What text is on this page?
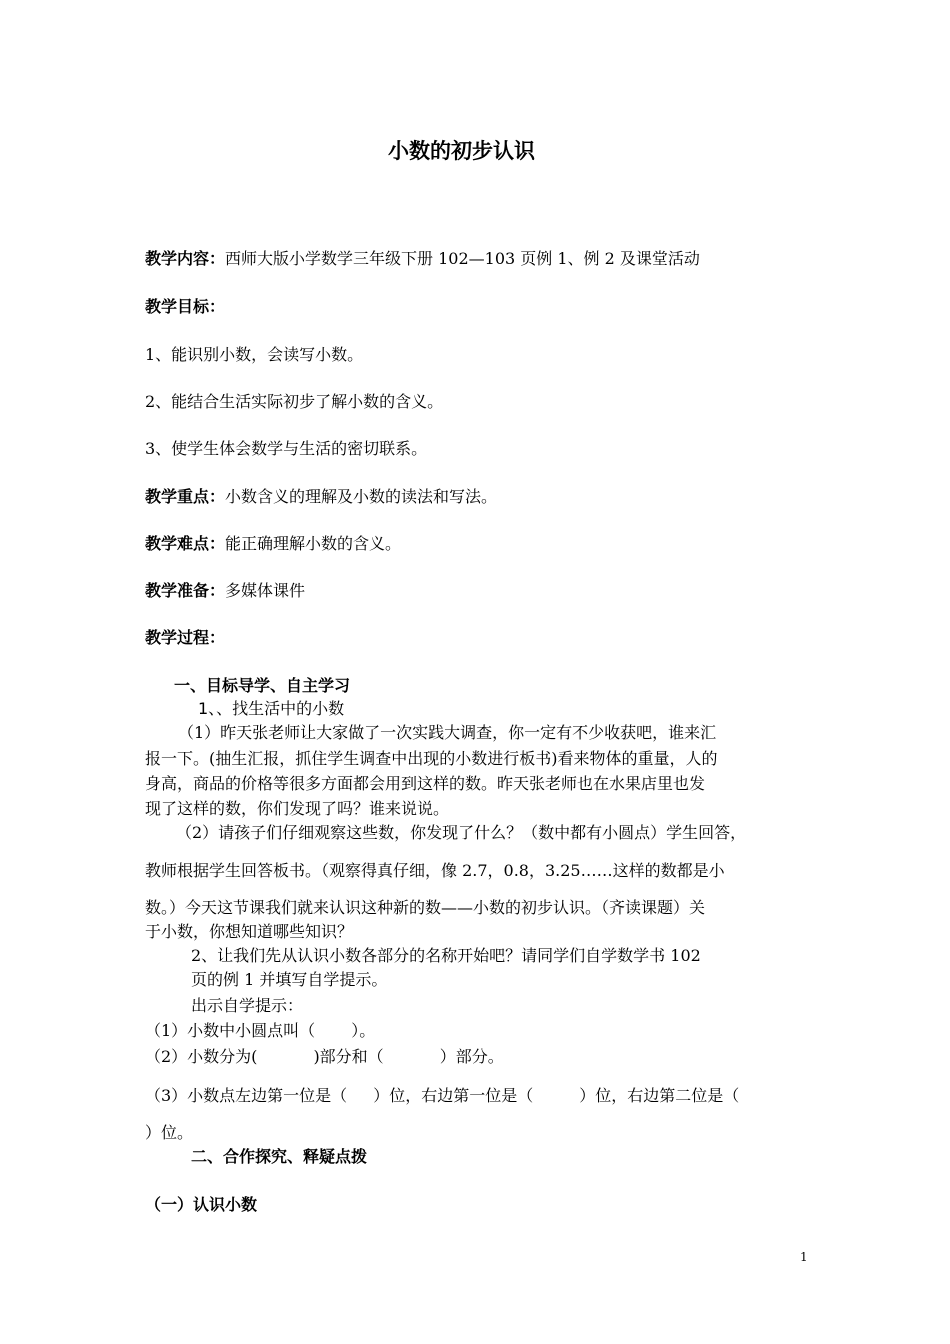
小数的初步认识
教学内容：西师大版小学数学三年级下册 102—103 页例 1、例 2 及课堂活动
教学目标：
1、能识别小数，会读写小数。
2、能结合生活实际初步了解小数的含义。
3、使学生体会数学与生活的密切联系。
教学重点：小数含义的理解及小数的读法和写法。
教学难点：能正确理解小数的含义。
教学准备：多媒体课件
教学过程：
一、目标导学、自主学习
1、、找生活中的小数
（1）昨天张老师让大家做了一次实践大调查，你一定有不少收获吧，谁来汇
报一下。(抽生汇报，抓住学生调查中出现的小数进行板书)看来物体的重量，人的
身高，商品的价格等很多方面都会用到这样的数。昨天张老师也在水果店里也发
现了这样的数，你们发现了吗？谁来说说。
（2）请孩子们仔细观察这些数，你发现了什么？（数中都有小圆点）学生回答，
教师根据学生回答板书。（观察得真仔细，像 2.7，0.8，3.25……这样的数都是小
数。）今天这节课我们就来认识这种新的数——小数的初步认识。（齐读课题）关
于小数，你想知道哪些知识？
2、让我们先从认识小数各部分的名称开始吧？请同学们自学数学书 102
页的例 1 并填写自学提示。
出示自学提示：
（1）小数中小圆点叫（ ）。
（2）小数分为(	)部分和（	）部分。
（3）小数点左边第一位是（ ）位，右边第一位是（	）位，右边第二位是（
）位。
二、合作探究、释疑点拨
（一）认识小数
1
